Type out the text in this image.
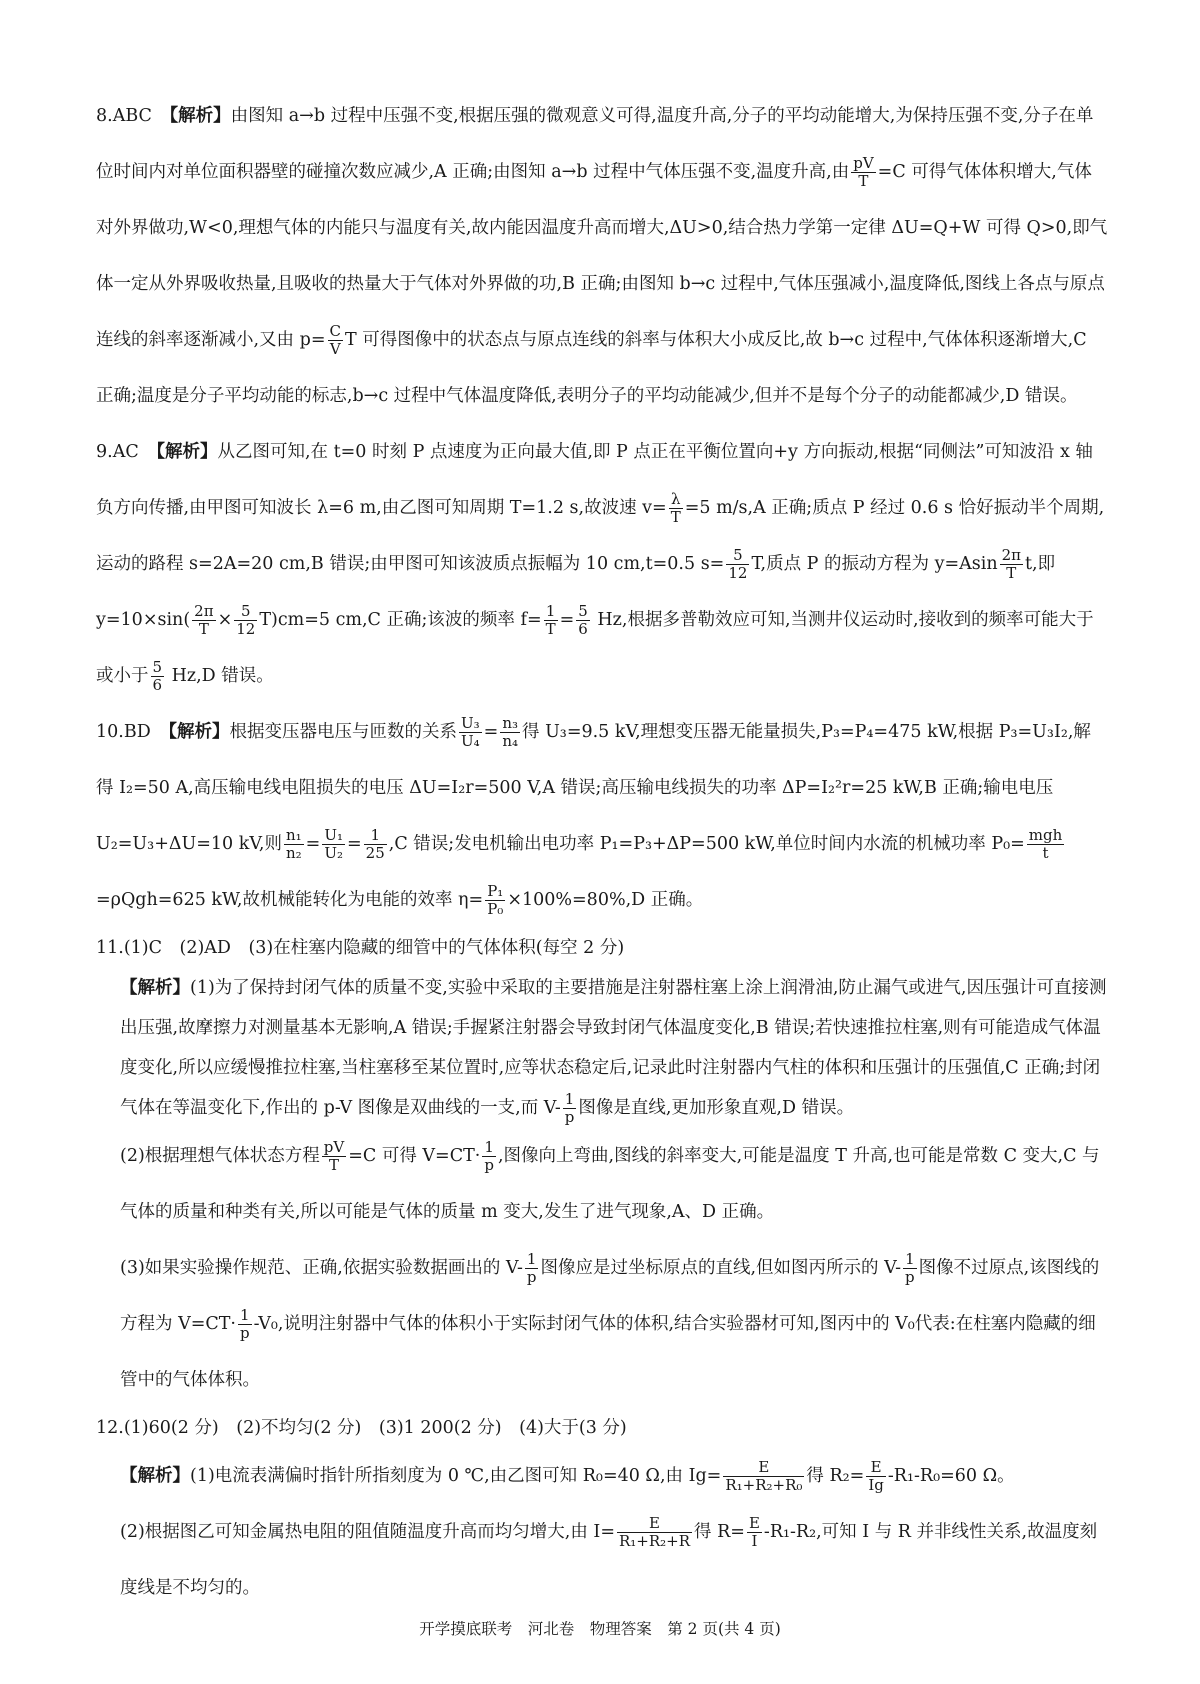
8.ABC　【解析】由图知 a→b 过程中压强不变,根据压强的微观意义可得,温度升高,分子的平均动能增大,为保持压强不变,分子在单位时间内对单位面积器壁的碰撞次数应减少,A 正确;由图知 a→b 过程中气体压强不变,温度升高,由 $\frac{pV}{T} =C$ 可得气体体积增大,气体对外界做功,W<0,理想气体的内能只与温度有关,故内能因温度升高而增大,ΔU>0,结合热力学第一定律 ΔU=Q+W 可得 Q>0,即气体一定从外界吸收热量,且吸收的热量大于气体对外界做的功,B 正确;由图知 b→c 过程中,气体压强减小,温度降低,图线上各点与原点连线的斜率逐渐减小,又由 $p= \frac{C}{V}$ T 可得图像中的状态点与原点连线的斜率与体积大小成反比,故 b→c 过程中,气体体积逐渐增大,C 正确;温度是分子平均动能的标志,b→c 过程中气体温度降低,表明分子的平均动能减少,但并不是每个分子的动能都减少,D 错误。

9.AC　【解析】从乙图可知,在 t=0 时刻 P 点速度为正向最大值,即 P 点正在平衡位置向+y 方向振动,根据“同侧法”可知波沿 x 轴负方向传播,由甲图可知波长 λ=6 m,由乙图可知周期 T=1.2 s,故波速 $v= \frac{\lambda}{T} =5$ m/s,A 正确;质点 P 经过 0.6 s 恰好振动半个周期,运动的路程 s=2A=20 cm,B 错误;由甲图可知该波质点振幅为 10 cm,t=0.5 $s= \frac{5}{12} T$,质点 P 的振动方程为 $y=Asin \frac{2\pi}{T} t$,即 $y=10\times\sin( \frac{2\pi}{T} \times \frac{5}{12} T)cm=5$ cm,C 正确;该波的频率 $f= \frac{1}{T} = \frac{5}{6} Hz$,根据多普勒效应可知,当测井仪运动时,接收到的频率可能大于或小于 $\frac{5}{6} Hz,D$ 错误。

10.BD　【解析】根据变压器电压与匝数的关系 $\frac{\text{U₃}}{\text{U₄}} = \frac{\text{n₃}}{\text{n₄}}$ 得 U₃=9.5 kV,理想变压器无能量损失,P₃=P₄=475 kW,根据 P₃=U₃I₂,解得 I₂=50 A,高压输电线电阻损失的电压 ΔU=I₂r=500 V,A 错误;高压输电线损失的功率 ΔP=I₂²r=25 kW,B 正确;输电电压 U₂=U₃+ΔU=10 kV,则 $\frac{\text{n₁}}{\text{n₂}} = \frac{\text{U₁}}{\text{U₂}} = \frac{1}{25} ,C$ 错误;发电机输出电功率 P₁=P₃+ΔP=500 kW,单位时间内水流的机械功率 $P_0= \frac{\text{mgh}}{t}$
=ρQgh=625 kW,故机械能转化为电能的效率 $\eta= \frac{\text{P₁}}{\text{P₀}} \times 100\%=80\%,D$ 正确。

11.(1)C　(2)AD　(3)在柱塞内隐藏的细管中的气体体积(每空 2 分)

【解析】(1)为了保持封闭气体的质量不变,实验中采取的主要措施是注射器柱塞上涂上润滑油,防止漏气或进气,因压强计可直接测出压强,故摩擦力对测量基本无影响,A 错误;手握紧注射器会导致封闭气体温度变化,B 错误;若快速推拉柱塞,则有可能造成气体温度变化,所以应缓慢推拉柱塞,当柱塞移至某位置时,应等状态稳定后,记录此时注射器内气柱的体积和压强计的压强值,C 正确;封闭气体在等温变化下,作出的 p-V 图像是双曲线的一支,而 $V- \frac{1}{p}$ 图像是直线,更加形象直观,D 错误。

(2)根据理想气体状态方程 $\frac{pV}{T} =C$ 可得 $V=CT\cdot \frac{1}{p}$ ,图像向上弯曲,图线的斜率变大,可能是温度 T 升高,也可能是常数 C 变大,C 与气体的质量和种类有关,所以可能是气体的质量 m 变大,发生了进气现象,A、D 正确。

(3)如果实验操作规范、正确,依据实验数据画出的 $V- \frac{1}{p}$ 图像应是过坐标原点的直线,但如图丙所示的 $V- \frac{1}{p}$ 图像不过原点,该图线的方程为 $V=CT\cdot \frac{1}{p} -V_0$,说明注射器中气体的体积小于实际封闭气体的体积,结合实验器材可知,图丙中的 V₀代表:在柱塞内隐藏的细管中的气体体积。

12.(1)60(2 分)　(2)不均匀(2 分)　(3)1 200(2 分)　(4)大于(3 分)

【解析】(1)电流表满偏时指针所指刻度为 0 ℃,由乙图可知 R₀=40 Ω,由 $Ig= \frac{E}{\text{R₁+R₂+R₀}}$ 得 $R_2= \frac{E}{Ig} -R_1-R_0=60$ Ω。

(2)根据图乙可知金属热电阻的阻值随温度升高而均匀增大,由 $I= \frac{E}{\text{R₁+R₂+R}}$ 得 $R= \frac{E}{I} -R_1-R_2$,可知 I 与 R 并非线性关系,故温度刻度线是不均匀的。

开学摸底联考　河北卷　物理答案　第 2 页(共 4 页)
